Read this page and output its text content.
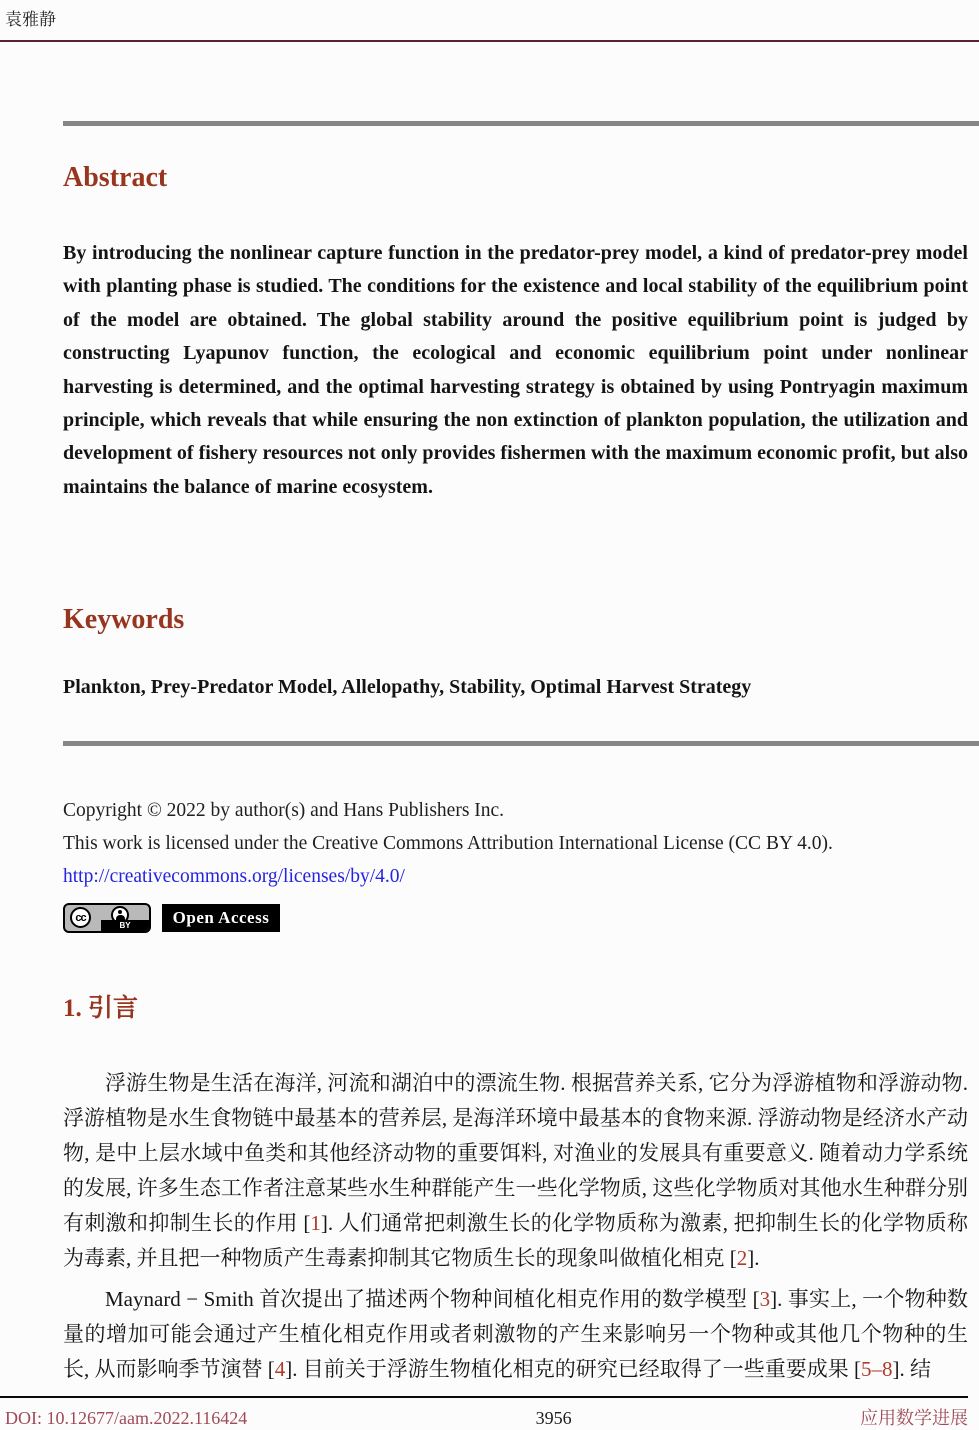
袁雅静
Abstract
By introducing the nonlinear capture function in the predator-prey model, a kind of predator-prey model with planting phase is studied. The conditions for the existence and local stability of the equilibrium point of the model are obtained. The global stability around the positive equilibrium point is judged by constructing Lyapunov function, the ecological and economic equilibrium point under nonlinear harvesting is determined, and the optimal harvesting strategy is obtained by using Pontryagin maximum principle, which reveals that while ensuring the non extinction of plankton population, the utilization and development of fishery resources not only provides fishermen with the maximum economic profit, but also maintains the balance of marine ecosystem.
Keywords
Plankton, Prey-Predator Model, Allelopathy, Stability, Optimal Harvest Strategy
Copyright © 2022 by author(s) and Hans Publishers Inc.
This work is licensed under the Creative Commons Attribution International License (CC BY 4.0).
http://creativecommons.org/licenses/by/4.0/
cc
BY	Open Access
1. 引言
浮游生物是生活在海洋, 河流和湖泊中的漂流生物. 根据营养关系, 它分为浮游植物和浮游动物. 浮游植物是水生食物链中最基本的营养层, 是海洋环境中最基本的食物来源. 浮游动物是经济水产动物, 是中上层水域中鱼类和其他经济动物的重要饵料, 对渔业的发展具有重要意义. 随着动力学系统的发展, 许多生态工作者注意某些水生种群能产生一些化学物质, 这些化学物质对其他水生种群分别有刺激和抑制生长的作用 [1]. 人们通常把刺激生长的化学物质称为激素, 把抑制生长的化学物质称为毒素, 并且把一种物质产生毒素抑制其它物质生长的现象叫做植化相克 [2].
Maynard − Smith 首次提出了描述两个物种间植化相克作用的数学模型 [3]. 事实上, 一个物种数量的增加可能会通过产生植化相克作用或者刺激物的产生来影响另一个物种或其他几个物种的生长, 从而影响季节演替 [4]. 目前关于浮游生物植化相克的研究已经取得了一些重要成果 [5–8]. 结
DOI: 10.12677/aam.2022.116424	3956	应用数学进展
